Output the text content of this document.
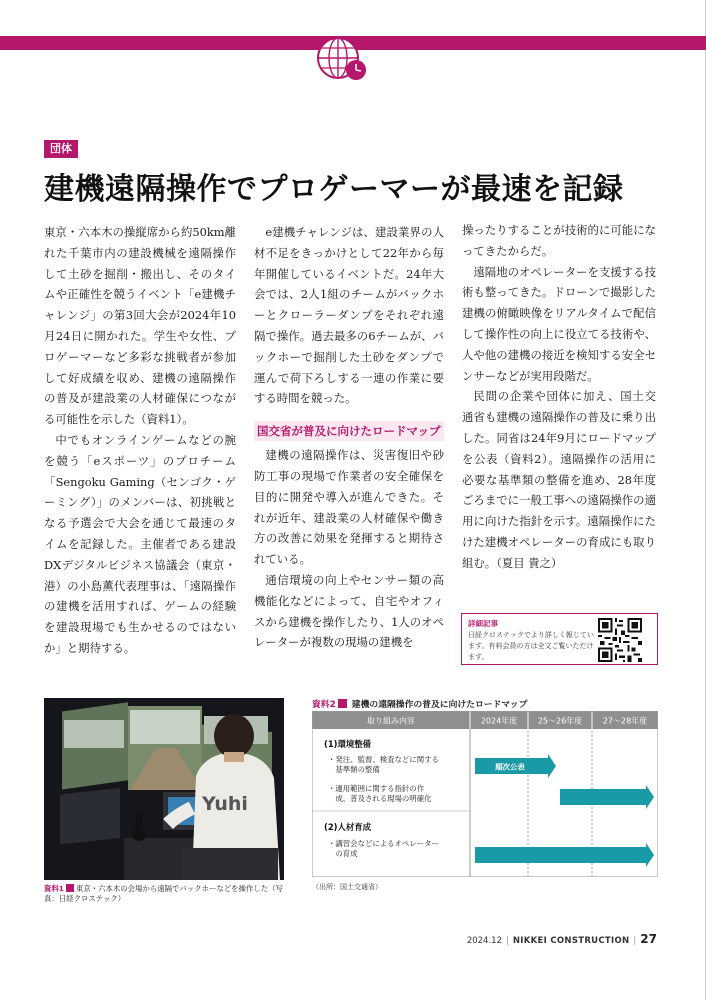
団体
建機遠隔操作でプロゲーマーが最速を記録

東京・六本木の操縦席から約50km離れた千葉市内の建設機械を遠隔操作して土砂を掘削・搬出し、そのタイムや正確性を競うイベント「e建機チャレンジ」の第3回大会が2024年10月24日に開かれた。学生や女性、プロゲーマーなど多彩な挑戦者が参加して好成績を収め、建機の遠隔操作の普及が建設業の人材確保につながる可能性を示した（資料1）。

中でもオンラインゲームなどの腕を競う「eスポーツ」のプロチーム「Sengoku Gaming（センゴク・ゲーミング）」のメンバーは、初挑戦となる予選会で大会を通じて最速のタイムを記録した。主催者である建設DXデジタルビジネス協議会（東京・港）の小島薫代表理事は、「遠隔操作の建機を活用すれば、ゲームの経験を建設現場でも生かせるのではないか」と期待する。

e建機チャレンジは、建設業界の人材不足をきっかけとして22年から毎年開催しているイベントだ。24年大会では、2人1組のチームがバックホーとクローラーダンプをそれぞれ遠隔で操作。過去最多の6チームが、バックホーで掘削した土砂をダンプで運んで荷下ろしする一連の作業に要する時間を競った。

国交省が普及に向けたロードマップ

建機の遠隔操作は、災害復旧や砂防工事の現場で作業者の安全確保を目的に開発や導入が進んできた。それが近年、建設業の人材確保や働き方の改善に効果を発揮すると期待されている。

通信環境の向上やセンサー類の高機能化などによって、自宅やオフィスから建機を操作したり、1人のオペレーターが複数の現場の建機を

操ったりすることが技術的に可能になってきたからだ。

遠隔地のオペレーターを支援する技術も整ってきた。ドローンで撮影した建機の俯瞰映像をリアルタイムで配信して操作性の向上に役立てる技術や、人や他の建機の接近を検知する安全センサーなどが実用段階だ。

民間の企業や団体に加え、国土交通省も建機の遠隔操作の普及に乗り出した。同省は24年9月にロードマップを公表（資料2）。遠隔操作の活用に必要な基準類の整備を進め、28年度ごろまでに一般工事への遠隔操作の適用に向けた指針を示す。遠隔操作にたけた建機オペレーターの育成にも取り組む。（夏目 貴之）

詳細記事
日経クロステックでより詳しく報じています。有料会員の方は全文ご覧いただけます。
Yuhi
資料1 東京・六本木の会場から遠隔でバックホーなどを操作した（写真：日経クロステック）
資料2 建機の遠隔操作の普及に向けたロードマップ
取り組み内容	2024年度	25〜26年度	27〜28年度
(1)環境整備
・発注、監督、検査などに関する
　基準類の整備
・適用範囲に関する指針の作
　成、普及される現場の明確化
(2)人材育成
・講習会などによるオペレーター
　の育成
順次公表
（出所：国土交通省）
2024.12 | NIKKEI CONSTRUCTION | 27
